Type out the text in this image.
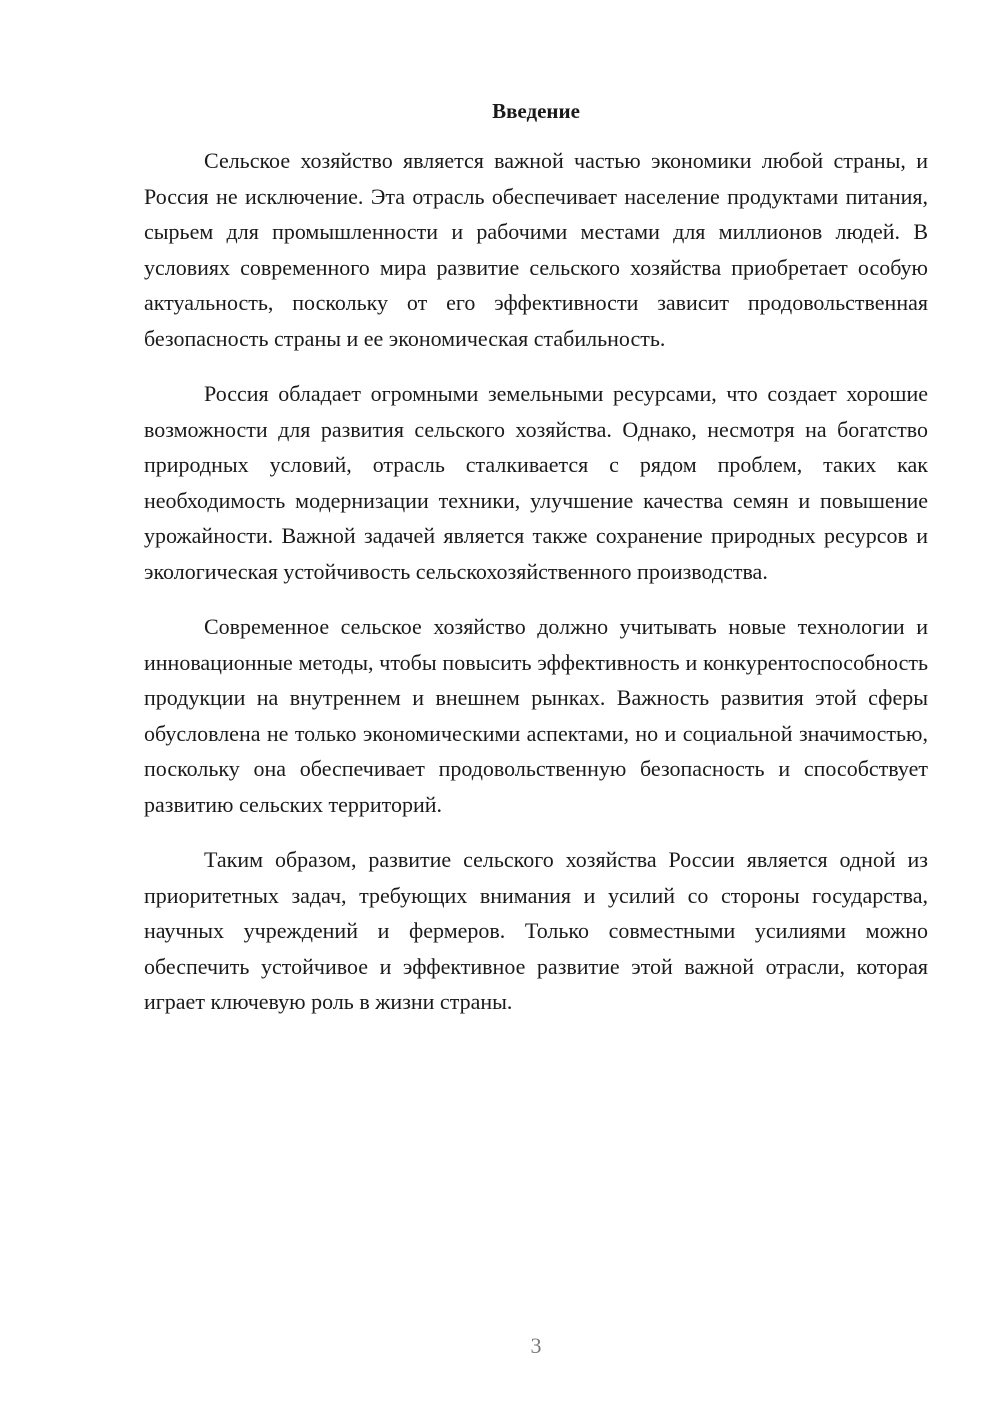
Введение

Сельское хозяйство является важной частью экономики любой страны, и Россия не исключение. Эта отрасль обеспечивает население продуктами питания, сырьем для промышленности и рабочими местами для миллионов людей. В условиях современного мира развитие сельского хозяйства приобретает особую актуальность, поскольку от его эффективности зависит продовольственная безопасность страны и ее экономическая стабильность.

Россия обладает огромными земельными ресурсами, что создает хорошие возможности для развития сельского хозяйства. Однако, несмотря на богатство природных условий, отрасль сталкивается с рядом проблем, таких как необходимость модернизации техники, улучшение качества семян и повышение урожайности. Важной задачей является также сохранение природных ресурсов и экологическая устойчивость сельскохозяйственного производства.

Современное сельское хозяйство должно учитывать новые технологии и инновационные методы, чтобы повысить эффективность и конкурентоспособность продукции на внутреннем и внешнем рынках. Важность развития этой сферы обусловлена не только экономическими аспектами, но и социальной значимостью, поскольку она обеспечивает продовольственную безопасность и способствует развитию сельских территорий.

Таким образом, развитие сельского хозяйства России является одной из приоритетных задач, требующих внимания и усилий со стороны государства, научных учреждений и фермеров. Только совместными усилиями можно обеспечить устойчивое и эффективное развитие этой важной отрасли, которая играет ключевую роль в жизни страны.

3
